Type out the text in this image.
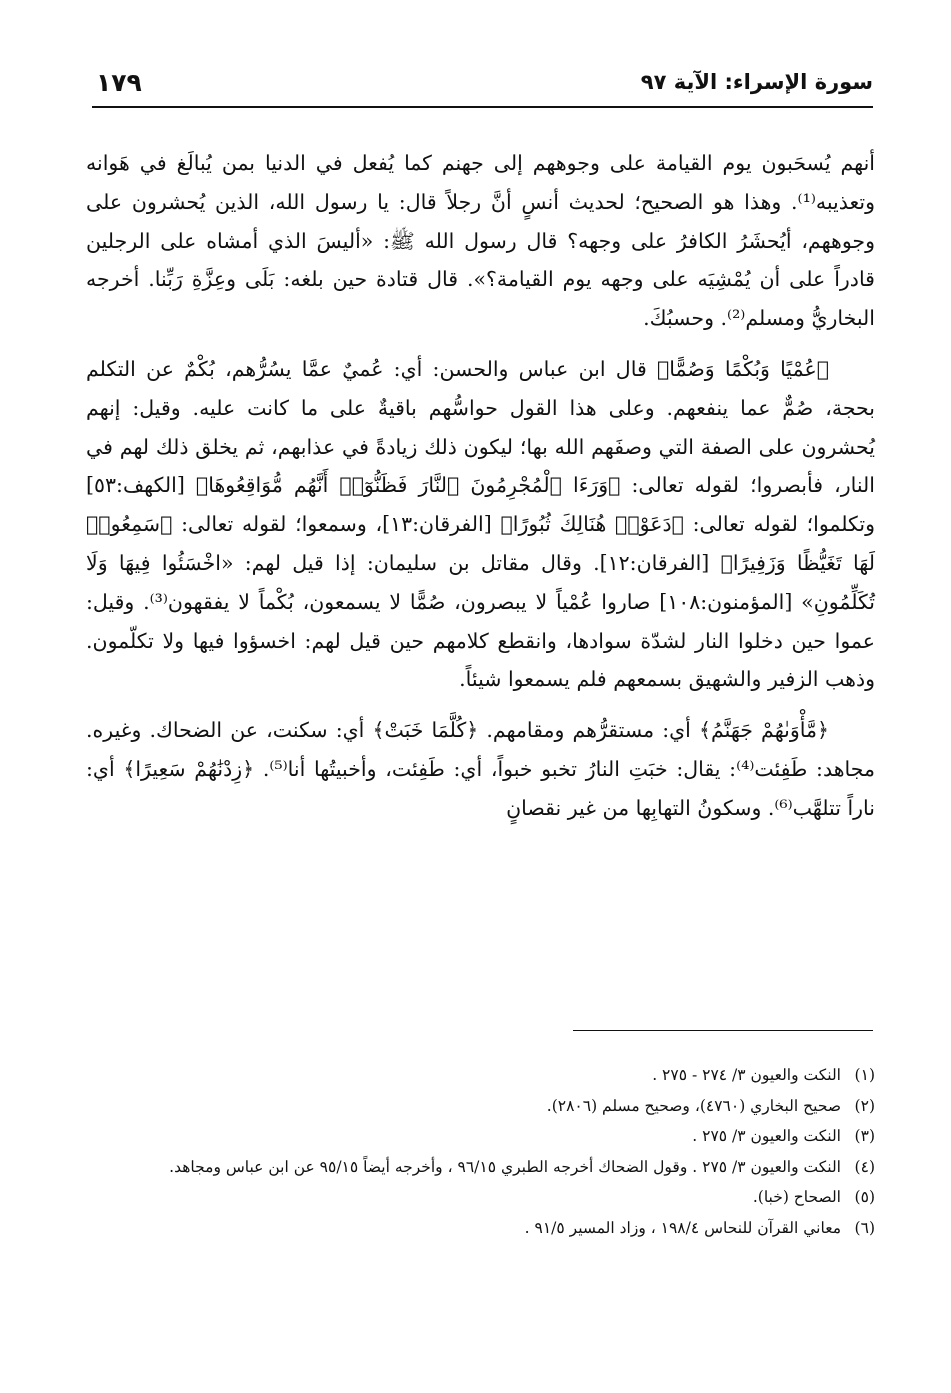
سورة الإسراء: الآية ٩٧
١٧٩

أنهم يُسحَبون يوم القيامة على وجوههم إلى جهنم كما يُفعل في الدنيا بمن يُبالَغ في هَوانه وتعذيبه⁽¹⁾. وهذا هو الصحيح؛ لحديث أنسٍ أنَّ رجلاً قال: يا رسول الله، الذين يُحشرون على وجوههم، أيُحشَرُ الكافرُ على وجهه؟ قال رسول الله ﷺ: «أليسَ الذي أمشاه على الرجلين قادراً على أن يُمْشِيَه على وجهه يوم القيامة؟». قال قتادة حين بلغه: بَلَى وعِزَّةِ رَبِّنا. أخرجه البخاريُّ ومسلم⁽²⁾. وحسبُكَ.

﴿عُمْيًا وَبُكْمًا وَصُمًّا﴾ قال ابن عباس والحسن: أي: عُميٌ عمَّا يسُرُّهم، بُكْمٌ عن التكلم بحجة، صُمٌّ عما ينفعهم. وعلى هذا القول حواسُّهم باقيةٌ على ما كانت عليه. وقيل: إنهم يُحشرون على الصفة التي وصفَهم الله بها؛ ليكون ذلك زيادةً في عذابهم، ثم يخلق ذلك لهم في النار، فأبصروا؛ لقوله تعالى: ﴿وَرَءَا ٱلْمُجْرِمُونَ ٱلنَّارَ فَظَنُّوٓا۟ أَنَّهُم مُّوَاقِعُوهَا﴾ [الكهف:٥٣] وتكلموا؛ لقوله تعالى: ﴿دَعَوْا۟ هُنَالِكَ ثُبُورًا﴾ [الفرقان:١٣]، وسمعوا؛ لقوله تعالى: ﴿سَمِعُوا۟ لَهَا تَغَيُّظًا وَزَفِيرًا﴾ [الفرقان:١٢]. وقال مقاتل بن سليمان: إذا قيل لهم: «اخْسَئُوا فِيهَا وَلَا تُكَلِّمُونِ» [المؤمنون:١٠٨] صاروا عُمْياً لا يبصرون، صُمًّا لا يسمعون، بُكْماً لا يفقهون⁽³⁾. وقيل: عموا حين دخلوا النار لشدّة سوادها، وانقطع كلامهم حين قيل لهم: اخسؤوا فيها ولا تكلّمون. وذهب الزفير والشهيق بسمعهم فلم يسمعوا شيئاً.

﴿مَّأْوَىٰهُمْ جَهَنَّمُ﴾ أي: مستقرُّهم ومقامهم. ﴿كُلَّمَا خَبَتْ﴾ أي: سكنت، عن الضحاك. وغيره. مجاهد: طَفِئت⁽⁴⁾: يقال: خبَتِ النارُ تخبو خبواً، أي: طَفِئت، وأخبيتُها أنا⁽⁵⁾. ﴿زِدْنَٰهُمْ سَعِيرًا﴾ أي: ناراً تتلهَّب⁽⁶⁾. وسكونُ التهابِها من غير نقصانٍ

(١)النكت والعيون ٣/ ٢٧٤ - ٢٧٥ .

(٢)صحيح البخاري (٤٧٦٠)، وصحيح مسلم (٢٨٠٦).

(٣)النكت والعيون ٣/ ٢٧٥ .

(٤)النكت والعيون ٣/ ٢٧٥ . وقول الضحاك أخرجه الطبري ٩٦/١٥ ، وأخرجه أيضاً ٩٥/١٥ عن ابن عباس ومجاهد.

(٥)الصحاح (خبا).

(٦)معاني القرآن للنحاس ١٩٨/٤ ، وزاد المسير ٩١/٥ .
